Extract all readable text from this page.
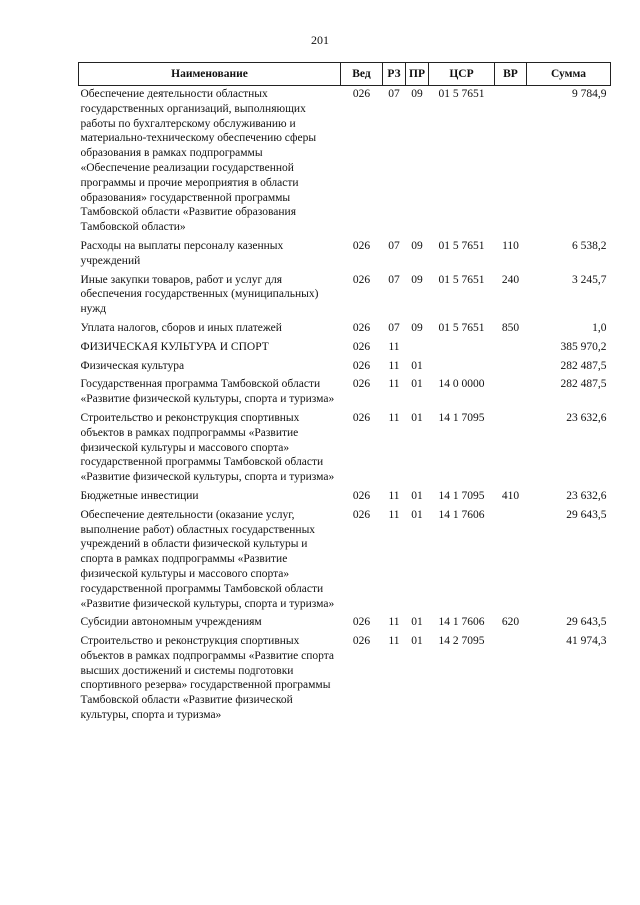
201
Наименование	Вед	РЗ	ПР	ЦСР	ВР	Сумма
Обеспечение деятельности областных государственных организаций, выполняющих работы по бухгалтерскому обслуживанию и материально-техническому обеспечению сферы образования в рамках подпрограммы «Обеспечение реализации государственной программы и прочие мероприятия в области образования» государственной программы Тамбовской области «Развитие образования Тамбовской области»	026	07	09	01 5 7651		9 784,9
Расходы на выплаты персоналу казенных учреждений	026	07	09	01 5 7651	110	6 538,2
Иные закупки товаров, работ и услуг для обеспечения государственных (муниципальных) нужд	026	07	09	01 5 7651	240	3 245,7
Уплата налогов, сборов и иных платежей	026	07	09	01 5 7651	850	1,0
ФИЗИЧЕСКАЯ КУЛЬТУРА И СПОРТ	026	11				385 970,2
Физическая культура	026	11	01			282 487,5
Государственная программа Тамбовской области «Развитие физической культуры, спорта и туризма»	026	11	01	14 0 0000		282 487,5
Строительство и реконструкция спортивных объектов в рамках подпрограммы «Развитие физической культуры и массового спорта» государственной программы Тамбовской области «Развитие физической культуры, спорта и туризма»	026	11	01	14 1 7095		23 632,6
Бюджетные инвестиции	026	11	01	14 1 7095	410	23 632,6
Обеспечение деятельности (оказание услуг, выполнение работ) областных государственных учреждений в области физической культуры и спорта в рамках подпрограммы «Развитие физической культуры и массового спорта» государственной программы Тамбовской области «Развитие физической культуры, спорта и туризма»	026	11	01	14 1 7606		29 643,5
Субсидии автономным учреждениям	026	11	01	14 1 7606	620	29 643,5
Строительство и реконструкция спортивных объектов в рамках подпрограммы «Развитие спорта высших достижений и системы подготовки спортивного резерва» государственной программы Тамбовской области «Развитие физической культуры, спорта и туризма»	026	11	01	14 2 7095		41 974,3
